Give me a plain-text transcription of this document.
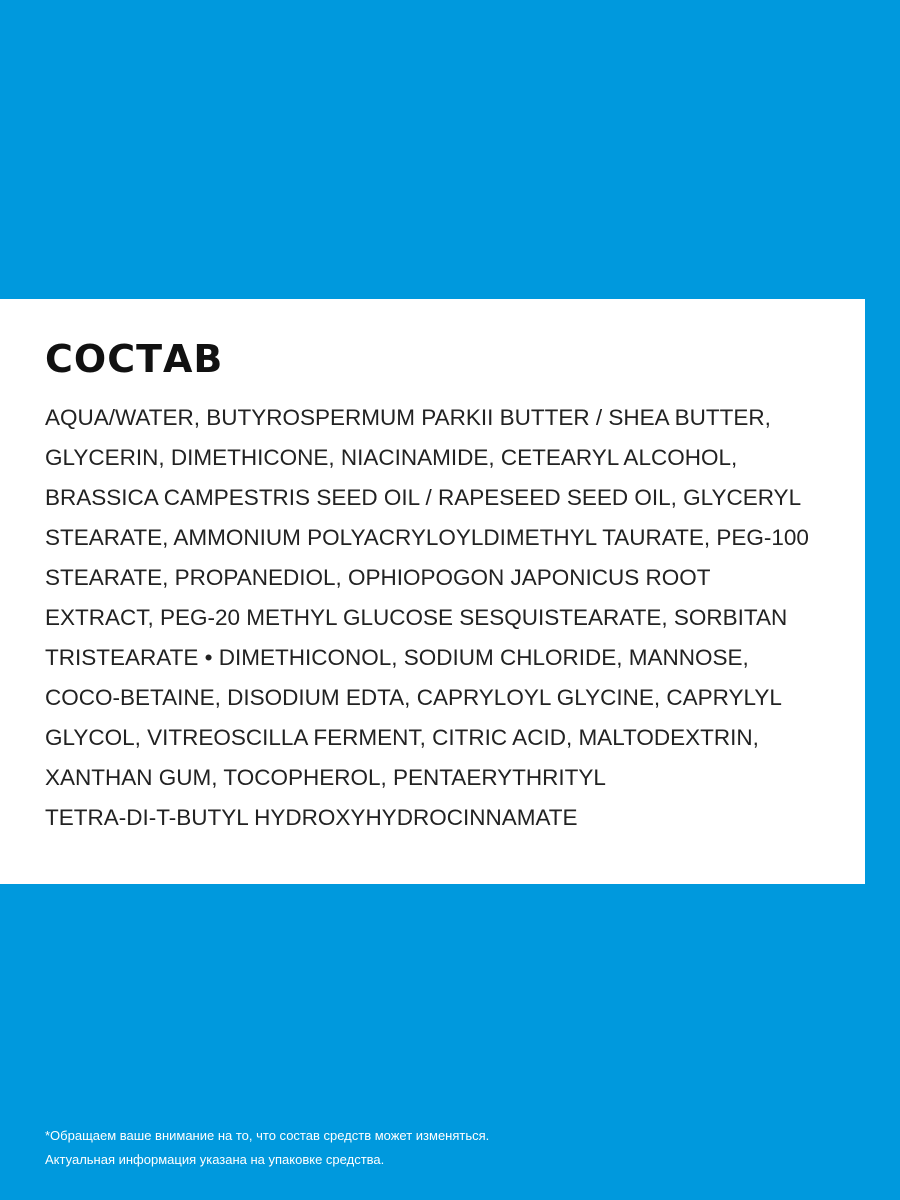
СОСТАВ
AQUA/WATER, BUTYROSPERMUM PARKII BUTTER / SHEA BUTTER,
GLYCERIN, DIMETHICONE, NIACINAMIDE, CETEARYL ALCOHOL,
BRASSICA CAMPESTRIS SEED OIL / RAPESEED SEED OIL, GLYCERYL
STEARATE, AMMONIUM POLYACRYLOYLDIMETHYL TAURATE, PEG-100
STEARATE, PROPANEDIOL, OPHIOPOGON JAPONICUS ROOT
EXTRACT, PEG-20 METHYL GLUCOSE SESQUISTEARATE, SORBITAN
TRISTEARATE • DIMETHICONOL, SODIUM CHLORIDE, MANNOSE,
COCO-BETAINE, DISODIUM EDTA, CAPRYLOYL GLYCINE, CAPRYLYL
GLYCOL, VITREOSCILLA FERMENT, CITRIC ACID, MALTODEXTRIN,
XANTHAN GUM, TOCOPHEROL, PENTAERYTHRITYL
TETRA-DI-T-BUTYL HYDROXYHYDROCINNAMATE
*Обращаем ваше внимание на то, что состав средств может изменяться.
Актуальная информация указана на упаковке средства.
